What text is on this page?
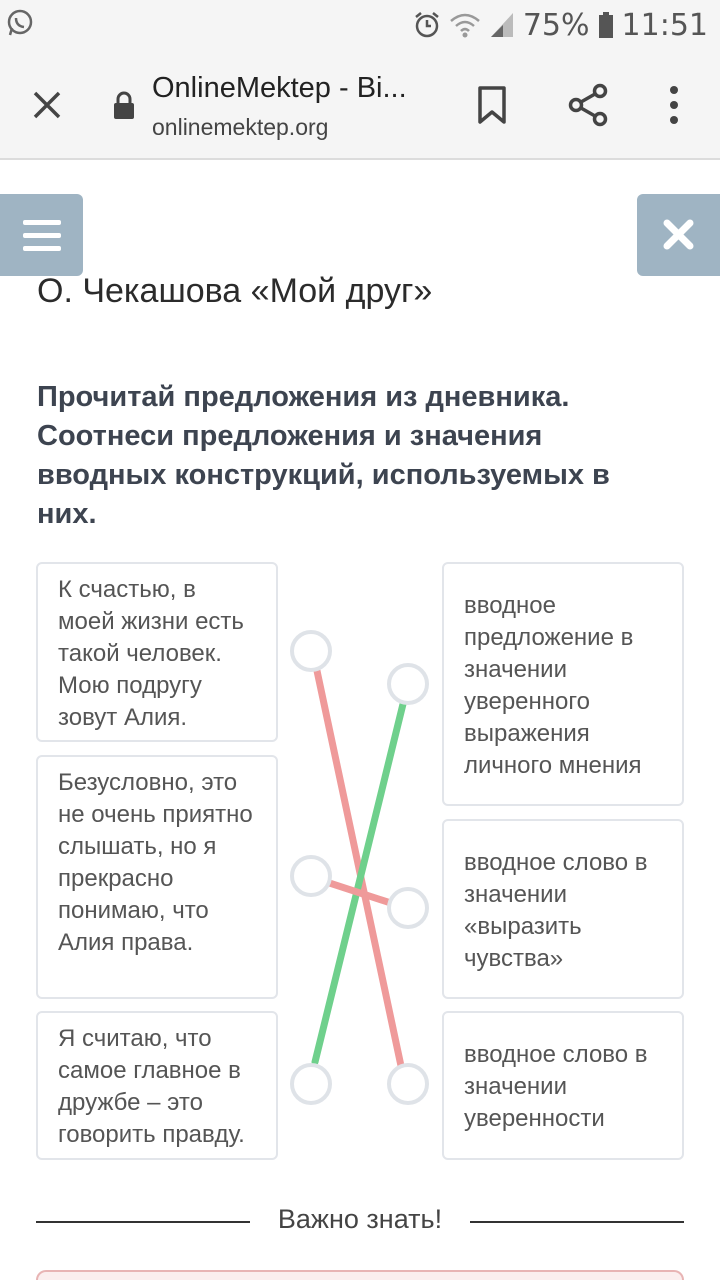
75% 11:51
OnlineMektep - Bi...
onlinemektep.org
О. Чекашова «Мой друг»
Прочитай предложения из дневника. Соотнеси предложения и значения вводных конструкций, используемых в них.
К счастью, в моей жизни есть такой человек. Мою подругу зовут Алия.
Безусловно, это не очень приятно слышать, но я прекрасно понимаю, что Алия права.
Я считаю, что самое главное в дружбе – это говорить правду.
вводное предложение в значении уверенного выражения личного мнения
вводное слово в значении «выразить чувства»
вводное слово в значении уверенности
Важно знать!
